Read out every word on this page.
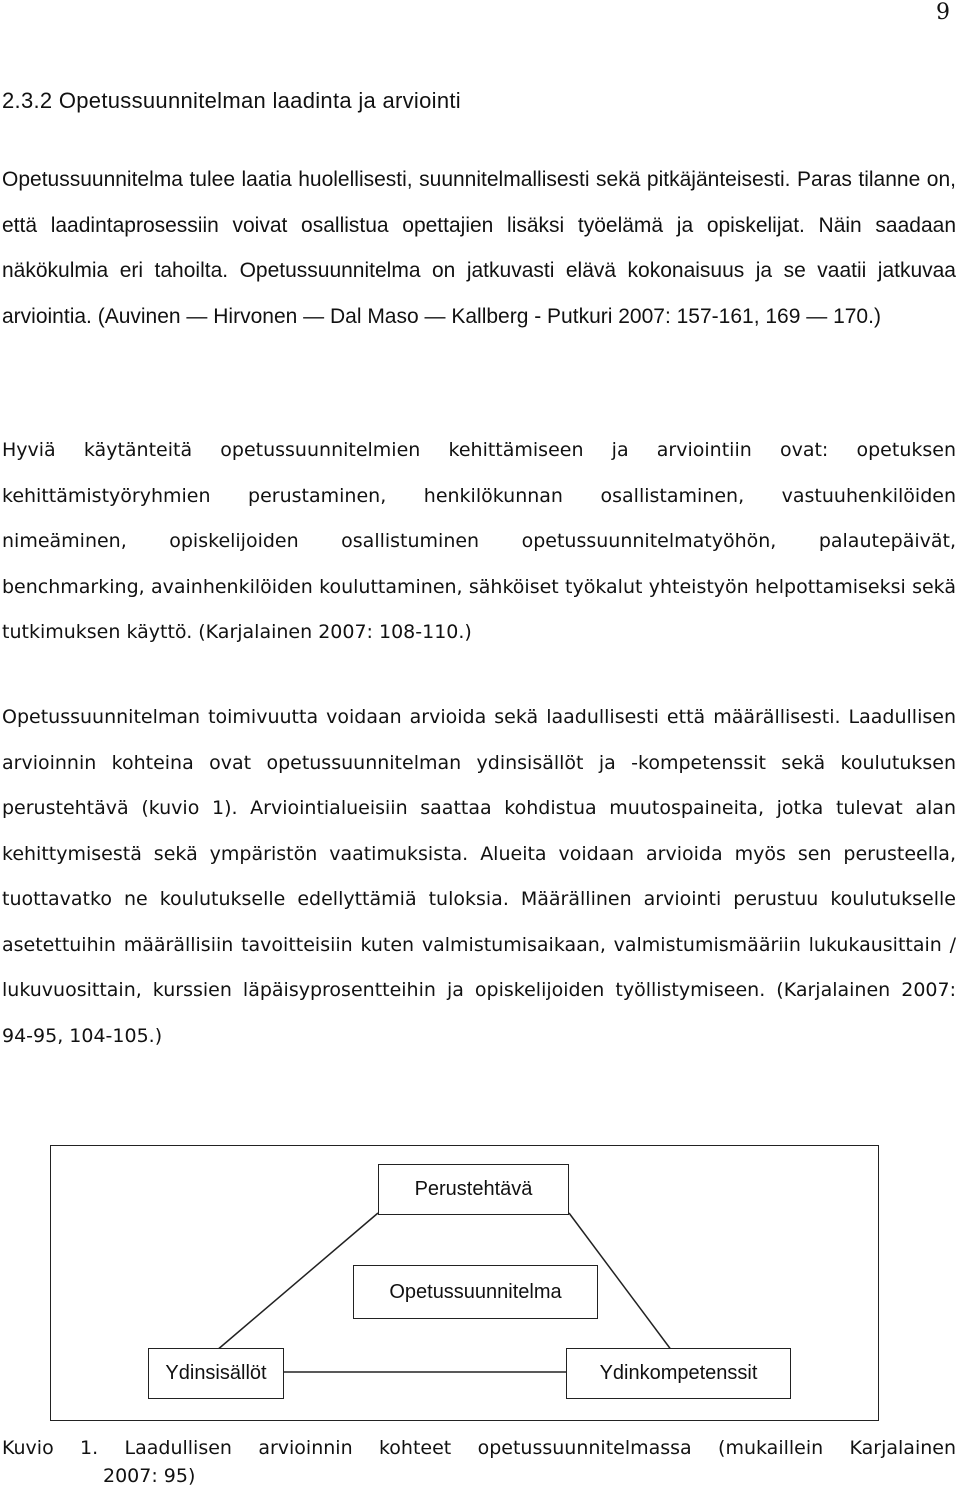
9
2.3.2 Opetussuunnitelman laadinta ja arviointi

Opetussuunnitelma tulee laatia huolellisesti, suunnitelmallisesti sekä pitkäjänteisesti. Paras tilanne on, että laadintaprosessiin voivat osallistua opettajien lisäksi työelämä ja opiskelijat. Näin saadaan näkökulmia eri tahoilta. Opetussuunnitelma on jatkuvasti elävä kokonaisuus ja se vaatii jatkuvaa arviointia. (Auvinen — Hirvonen — Dal Maso — Kallberg - Putkuri 2007: 157-161, 169 — 170.)

Hyviä käytänteitä opetussuunnitelmien kehittämiseen ja arviointiin ovat: opetuksen kehittämistyöryhmien perustaminen, henkilökunnan osallistaminen, vastuuhenkilöiden nimeäminen, opiskelijoiden osallistuminen opetussuunnitelmatyöhön, palautepäivät, benchmarking, avainhenkilöiden kouluttaminen, sähköiset työkalut yhteistyön helpottamiseksi sekä tutkimuksen käyttö. (Karjalainen 2007: 108-110.)

Opetussuunnitelman toimivuutta voidaan arvioida sekä laadullisesti että määrällisesti. Laadullisen arvioinnin kohteina ovat opetussuunnitelman ydinsisällöt ja -kompetenssit sekä koulutuksen perustehtävä (kuvio 1). Arviointialueisiin saattaa kohdistua muutospaineita, jotka tulevat alan kehittymisestä sekä ympäristön vaatimuksista. Alueita voidaan arvioida myös sen perusteella, tuottavatko ne koulutukselle edellyttämiä tuloksia. Määrällinen arviointi perustuu koulutukselle asetettuihin määrällisiin tavoitteisiin kuten valmistumisaikaan, valmistumismääriin lukukausittain / lukuvuosittain, kurssien läpäisyprosentteihin ja opiskelijoiden työllistymiseen. (Karjalainen 2007: 94-95, 104-105.)

Perustehtävä
Opetussuunnitelma
Ydinsisällöt	Ydinkompetenssit

Kuvio 1. Laadullisen arvioinnin kohteet opetussuunnitelmassa (mukaillein Karjalainen

2007: 95)
